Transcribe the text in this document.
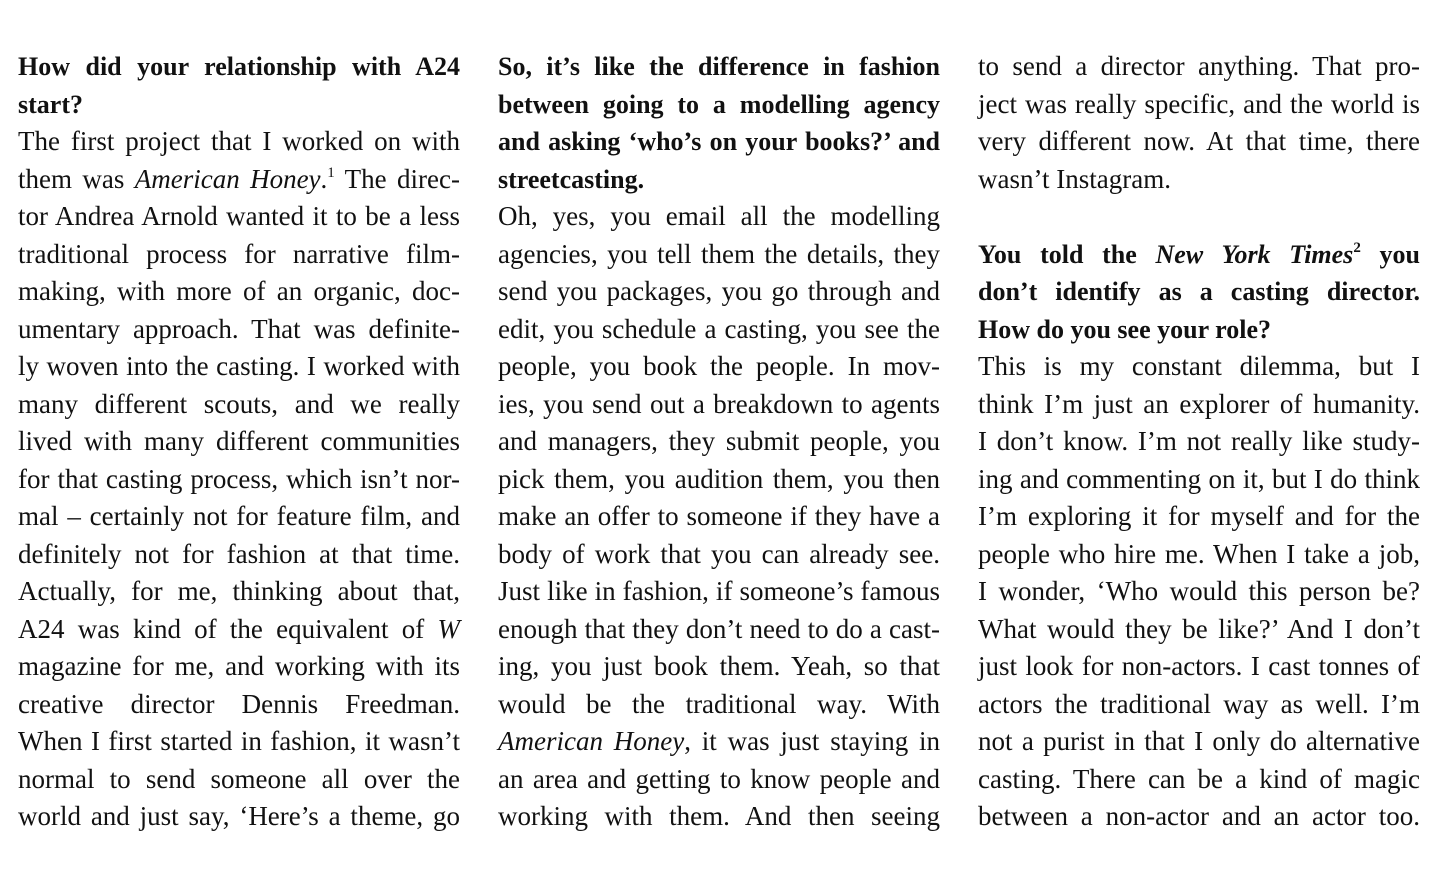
How did your relationship with A24
start?
The first project that I worked on with
them was American Honey.$^1$ The direc-
tor Andrea Arnold wanted it to be a less
traditional process for narrative film-
making, with more of an organic, doc-
umentary approach. That was definite-
ly woven into the casting. I worked with
many different scouts, and we really
lived with many different communities
for that casting process, which isn’t nor-
mal – certainly not for feature film, and
definitely not for fashion at that time.
Actually, for me, thinking about that,
A24 was kind of the equivalent of W
magazine for me, and working with its
creative director Dennis Freedman.
When I first started in fashion, it wasn’t
normal to send someone all over the
world and just say, ‘Here’s a theme, go
So, it’s like the difference in fashion
between going to a modelling agency
and asking ‘who’s on your books?’ and
streetcasting.
Oh, yes, you email all the modelling
agencies, you tell them the details, they
send you packages, you go through and
edit, you schedule a casting, you see the
people, you book the people. In mov-
ies, you send out a breakdown to agents
and managers, they submit people, you
pick them, you audition them, you then
make an offer to someone if they have a
body of work that you can already see.
Just like in fashion, if someone’s famous
enough that they don’t need to do a cast-
ing, you just book them. Yeah, so that
would be the traditional way. With
American Honey, it was just staying in
an area and getting to know people and
working with them. And then seeing
to send a director anything. That pro-
ject was really specific, and the world is
very different now. At that time, there
wasn’t Instagram.
You told the New York Times$^2$ you
don’t identify as a casting director.
How do you see your role?
This is my constant dilemma, but I
think I’m just an explorer of humanity.
I don’t know. I’m not really like study-
ing and commenting on it, but I do think
I’m exploring it for myself and for the
people who hire me. When I take a job,
I wonder, ‘Who would this person be?
What would they be like?’ And I don’t
just look for non-actors. I cast tonnes of
actors the traditional way as well. I’m
not a purist in that I only do alternative
casting. There can be a kind of magic
between a non-actor and an actor too.
